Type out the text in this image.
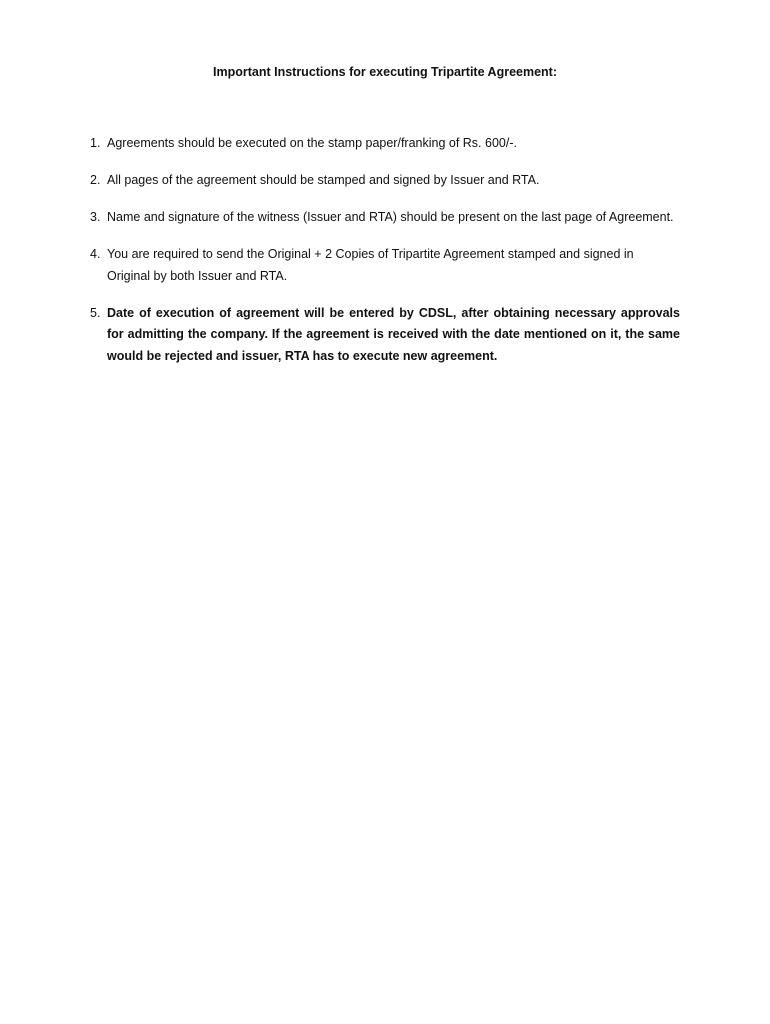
Important Instructions for executing Tripartite Agreement:
1. Agreements should be executed on the stamp paper/franking of Rs. 600/-.
2. All pages of the agreement should be stamped and signed by Issuer and RTA.
3. Name and signature of the witness (Issuer and RTA) should be present on the last page of Agreement.
4. You are required to send the Original + 2 Copies of Tripartite Agreement stamped and signed in Original by both Issuer and RTA.
5. Date of execution of agreement will be entered by CDSL, after obtaining necessary approvals for admitting the company. If the agreement is received with the date mentioned on it, the same would be rejected and issuer, RTA has to execute new agreement.
